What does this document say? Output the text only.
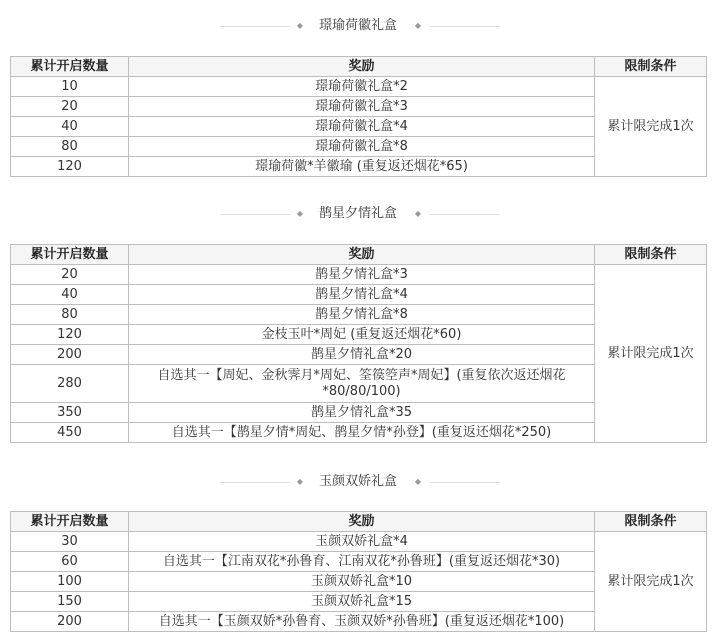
◆	璟瑜荷徽礼盒	◆
累计开启数量	奖励	限制条件
10	璟瑜荷徽礼盒*2	累计限完成1次
20	璟瑜荷徽礼盒*3	
40	璟瑜荷徽礼盒*4	
80	璟瑜荷徽礼盒*8	
120	璟瑜荷徽*羊徽瑜 (重复返还烟花*65)	
◆	鹊星夕情礼盒	◆
累计开启数量	奖励	限制条件
20	鹊星夕情礼盒*3	累计限完成1次
40	鹊星夕情礼盒*4	
80	鹊星夕情礼盒*8	
120	金枝玉叶*周妃 (重复返还烟花*60)	
200	鹊星夕情礼盒*20	
280	自选其一【周妃、金秋霁月*周妃、筌篌箜声*周妃】(重复依次返还烟花*80/80/100)	
350	鹊星夕情礼盒*35	
450	自选其一【鹊星夕情*周妃、鹊星夕情*孙登】(重复返还烟花*250)	
◆	玉颜双娇礼盒	◆
累计开启数量	奖励	限制条件
30	玉颜双娇礼盒*4	累计限完成1次
60	自选其一【江南双花*孙鲁育、江南双花*孙鲁班】(重复返还烟花*30)	
100	玉颜双娇礼盒*10	
150	玉颜双娇礼盒*15	
200	自选其一【玉颜双娇*孙鲁育、玉颜双娇*孙鲁班】(重复返还烟花*100)	
